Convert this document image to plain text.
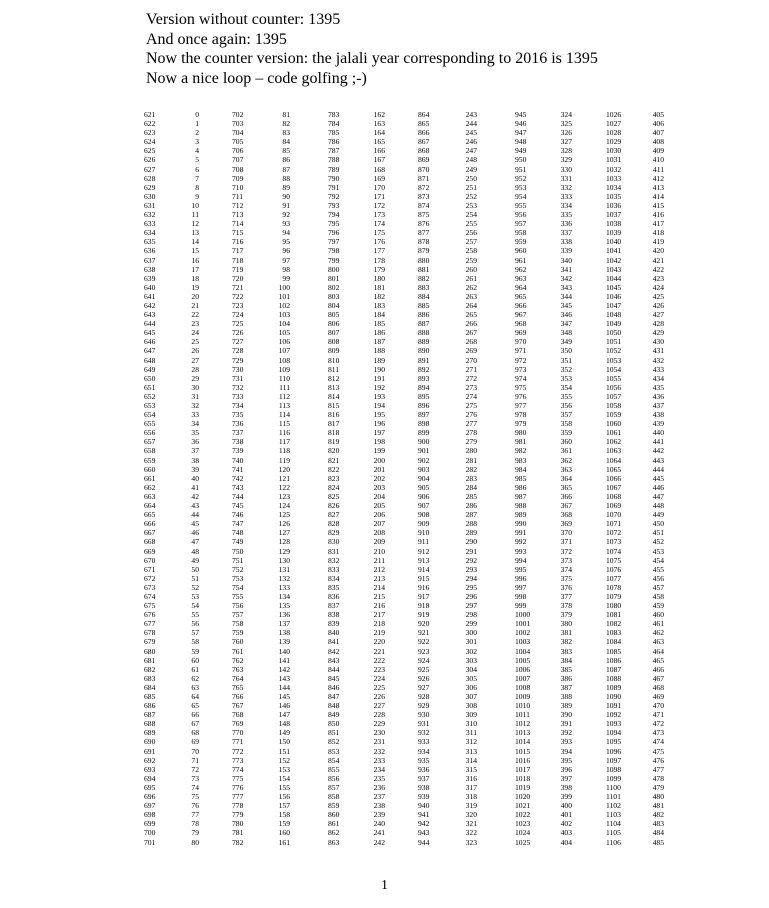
Version without counter: 1395
And once again: 1395
Now the counter version: the jalali year corresponding to 2016 is 1395
Now a nice loop – code golfing ;-)
621
622
623
624
625
626
627
628
629
630
631
632
633
634
635
636
637
638
639
640
641
642
643
644
645
646
647
648
649
650
651
652
653
654
655
656
657
658
659
660
661
662
663
664
665
666
667
668
669
670
671
672
673
674
675
676
677
678
679
680
681
682
683
684
685
686
687
688
689
690
691
692
693
694
695
696
697
698
699
700
701
0
1
2
3
4
5
6
7
8
9
10
11
12
13
14
15
16
17
18
19
20
21
22
23
24
25
26
27
28
29
30
31
32
33
34
35
36
37
38
39
40
41
42
43
44
45
46
47
48
49
50
51
52
53
54
55
56
57
58
59
60
61
62
63
64
65
66
67
68
69
70
71
72
73
74
75
76
77
78
79
80
702
703
704
705
706
707
708
709
710
711
712
713
714
715
716
717
718
719
720
721
722
723
724
725
726
727
728
729
730
731
732
733
734
735
736
737
738
739
740
741
742
743
744
745
746
747
748
749
750
751
752
753
754
755
756
757
758
759
760
761
762
763
764
765
766
767
768
769
770
771
772
773
774
775
776
777
778
779
780
781
782
81
82
83
84
85
86
87
88
89
90
91
92
93
94
95
96
97
98
99
100
101
102
103
104
105
106
107
108
109
110
111
112
113
114
115
116
117
118
119
120
121
122
123
124
125
126
127
128
129
130
131
132
133
134
135
136
137
138
139
140
141
142
143
144
145
146
147
148
149
150
151
152
153
154
155
156
157
158
159
160
161
783
784
785
786
787
788
789
790
791
792
793
794
795
796
797
798
799
800
801
802
803
804
805
806
807
808
809
810
811
812
813
814
815
816
817
818
819
820
821
822
823
824
825
826
827
828
829
830
831
832
833
834
835
836
837
838
839
840
841
842
843
844
845
846
847
848
849
850
851
852
853
854
855
856
857
858
859
860
861
862
863
162
163
164
165
166
167
168
169
170
171
172
173
174
175
176
177
178
179
180
181
182
183
184
185
186
187
188
189
190
191
192
193
194
195
196
197
198
199
200
201
202
203
204
205
206
207
208
209
210
211
212
213
214
215
216
217
218
219
220
221
222
223
224
225
226
227
228
229
230
231
232
233
234
235
236
237
238
239
240
241
242
864
865
866
867
868
869
870
871
872
873
874
875
876
877
878
879
880
881
882
883
884
885
886
887
888
889
890
891
892
893
894
895
896
897
898
899
900
901
902
903
904
905
906
907
908
909
910
911
912
913
914
915
916
917
918
919
920
921
922
923
924
925
926
927
928
929
930
931
932
933
934
935
936
937
938
939
940
941
942
943
944
243
244
245
246
247
248
249
250
251
252
253
254
255
256
257
258
259
260
261
262
263
264
265
266
267
268
269
270
271
272
273
274
275
276
277
278
279
280
281
282
283
284
285
286
287
288
289
290
291
292
293
294
295
296
297
298
299
300
301
302
303
304
305
306
307
308
309
310
311
312
313
314
315
316
317
318
319
320
321
322
323
945
946
947
948
949
950
951
952
953
954
955
956
957
958
959
960
961
962
963
964
965
966
967
968
969
970
971
972
973
974
975
976
977
978
979
980
981
982
983
984
985
986
987
988
989
990
991
992
993
994
995
996
997
998
999
1000
1001
1002
1003
1004
1005
1006
1007
1008
1009
1010
1011
1012
1013
1014
1015
1016
1017
1018
1019
1020
1021
1022
1023
1024
1025
324
325
326
327
328
329
330
331
332
333
334
335
336
337
338
339
340
341
342
343
344
345
346
347
348
349
350
351
352
353
354
355
356
357
358
359
360
361
362
363
364
365
366
367
368
369
370
371
372
373
374
375
376
377
378
379
380
381
382
383
384
385
386
387
388
389
390
391
392
393
394
395
396
397
398
399
400
401
402
403
404
1026
1027
1028
1029
1030
1031
1032
1033
1034
1035
1036
1037
1038
1039
1040
1041
1042
1043
1044
1045
1046
1047
1048
1049
1050
1051
1052
1053
1054
1055
1056
1057
1058
1059
1060
1061
1062
1063
1064
1065
1066
1067
1068
1069
1070
1071
1072
1073
1074
1075
1076
1077
1078
1079
1080
1081
1082
1083
1084
1085
1086
1087
1088
1089
1090
1091
1092
1093
1094
1095
1096
1097
1098
1099
1100
1101
1102
1103
1104
1105
1106
405
406
407
408
409
410
411
412
413
414
415
416
417
418
419
420
421
422
423
424
425
426
427
428
429
430
431
432
433
434
435
436
437
438
439
440
441
442
443
444
445
446
447
448
449
450
451
452
453
454
455
456
457
458
459
460
461
462
463
464
465
466
467
468
469
470
471
472
473
474
475
476
477
478
479
480
481
482
483
484
485
1
